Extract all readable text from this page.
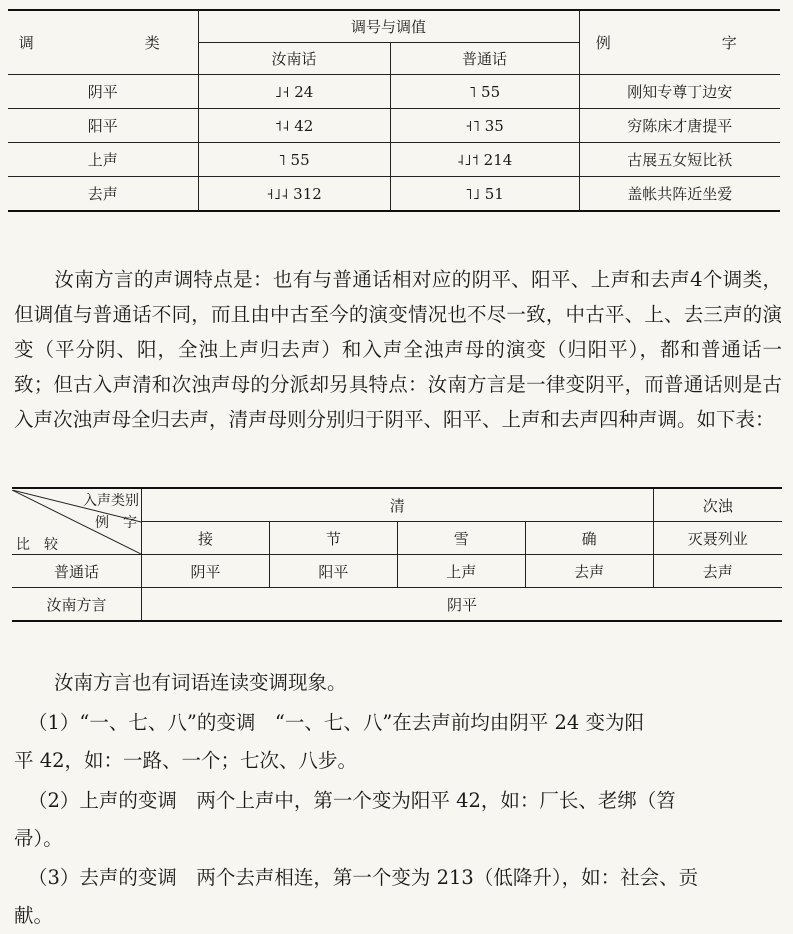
调　　类	调号与调值		例　　字
	汝南话	普通话	
阴平	˩˧ 24	˥ 55	刚知专尊丁边安
阳平	˦˨ 42	˧˥ 35	穷陈床才唐提平
上声	˥ 55	˨˩˦ 214	古展五女短比袄
去声	˧˩˨ 312	˥˩ 51	盖帐共阵近坐爱

汝南方言的声调特点是：也有与普通话相对应的阴平、阳平、上声和去声4个调类，但调值与普通话不同，而且由中古至今的演变情况也不尽一致，中古平、上、去三声的演变（平分阴、阳，全浊上声归去声）和入声全浊声母的演变（归阳平），都和普通话一致；但古入声清和次浊声母的分派却另具特点：汝南方言是一律变阴平，而普通话则是古入声次浊声母全归去声，清声母则分别归于阴平、阳平、上声和去声四种声调。如下表：

入声类别
例　字
比　较	清				次浊
	接	节	雪	确	灭聂列业
普通话	阴平	阳平	上声	去声	去声
汝南方言	阴平				

汝南方言也有词语连读变调现象。

（1）“一、七、八”的变调　“一、七、八”在去声前均由阴平 24 变为阳

平 42，如：一路、一个；七次、八步。

（2）上声的变调　两个上声中，第一个变为阳平 42，如：厂长、老绑（笤

帚）。

（3）去声的变调　两个去声相连，第一个变为 213（低降升），如：社会、贡

献。
